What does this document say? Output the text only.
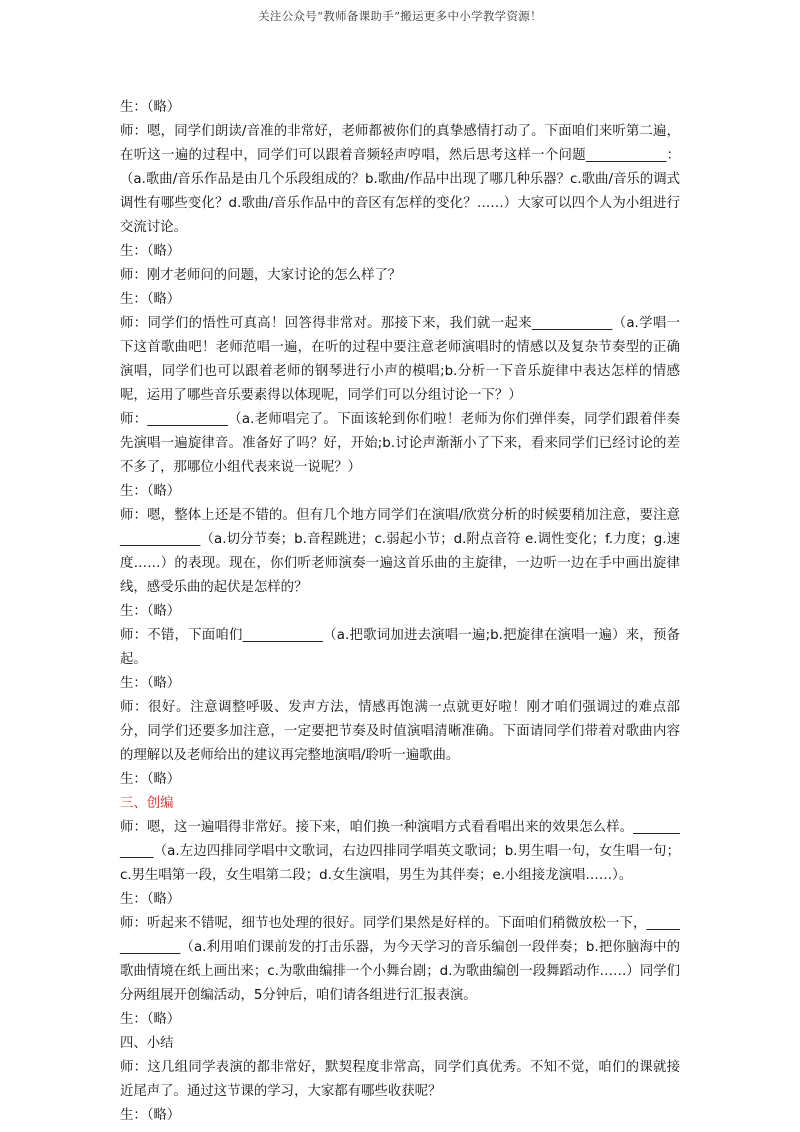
关注公众号“教师备课助手”搬运更多中小学教学资源！

生：（略）

师：嗯，同学们朗读/音准的非常好，老师都被你们的真挚感情打动了。下面咱们来听第二遍，在听这一遍的过程中，同学们可以跟着音频轻声哼唱，然后思考这样一个问题____________：（a.歌曲/音乐作品是由几个乐段组成的？b.歌曲/作品中出现了哪几种乐器？c.歌曲/音乐的调式调性有哪些变化？d.歌曲/音乐作品中的音区有怎样的变化？……）大家可以四个人为小组进行交流讨论。

生：（略）

师：刚才老师问的问题，大家讨论的怎么样了？

生：（略）

师：同学们的悟性可真高！回答得非常对。那接下来，我们就一起来____________（a.学唱一下这首歌曲吧！老师范唱一遍，在听的过程中要注意老师演唱时的情感以及复杂节奏型的正确演唱，同学们也可以跟着老师的钢琴进行小声的模唱;b.分析一下音乐旋律中表达怎样的情感呢，运用了哪些音乐要素得以体现呢，同学们可以分组讨论一下？）

师：____________（a.老师唱完了。下面该轮到你们啦！老师为你们弹伴奏，同学们跟着伴奏先演唱一遍旋律音。准备好了吗？好，开始;b.讨论声渐渐小了下来，看来同学们已经讨论的差不多了，那哪位小组代表来说一说呢？）

生：（略）

师：嗯，整体上还是不错的。但有几个地方同学们在演唱/欣赏分析的时候要稍加注意，要注意____________（a.切分节奏；b.音程跳进；c.弱起小节；d.附点音符 e.调性变化；f.力度；g.速度……）的表现。现在，你们听老师演奏一遍这首乐曲的主旋律，一边听一边在手中画出旋律线，感受乐曲的起伏是怎样的？

生：（略）

师：不错，下面咱们____________（a.把歌词加进去演唱一遍;b.把旋律在演唱一遍）来，预备起。

生：（略）

师：很好。注意调整呼吸、发声方法，情感再饱满一点就更好啦！刚才咱们强调过的难点部分，同学们还要多加注意，一定要把节奏及时值演唱清晰准确。下面请同学们带着对歌曲内容的理解以及老师给出的建议再完整地演唱/聆听一遍歌曲。

生：（略）

三、创编

师：嗯，这一遍唱得非常好。接下来，咱们换一种演唱方式看看唱出来的效果怎么样。____________（a.左边四排同学唱中文歌词，右边四排同学唱英文歌词；b.男生唱一句，女生唱一句；c.男生唱第一段，女生唱第二段；d.女生演唱，男生为其伴奏；e.小组接龙演唱……）。

生：（略）

师：听起来不错呢，细节也处理的很好。同学们果然是好样的。下面咱们稍微放松一下，______________（a.利用咱们课前发的打击乐器，为今天学习的音乐编创一段伴奏；b.把你脑海中的歌曲情境在纸上画出来；c.为歌曲编排一个小舞台剧；d.为歌曲编创一段舞蹈动作……）同学们分两组展开创编活动，5分钟后，咱们请各组进行汇报表演。

生：（略）

四、小结

师：这几组同学表演的都非常好，默契程度非常高，同学们真优秀。不知不觉，咱们的课就接近尾声了。通过这节课的学习，大家都有哪些收获呢？

生：（略）
